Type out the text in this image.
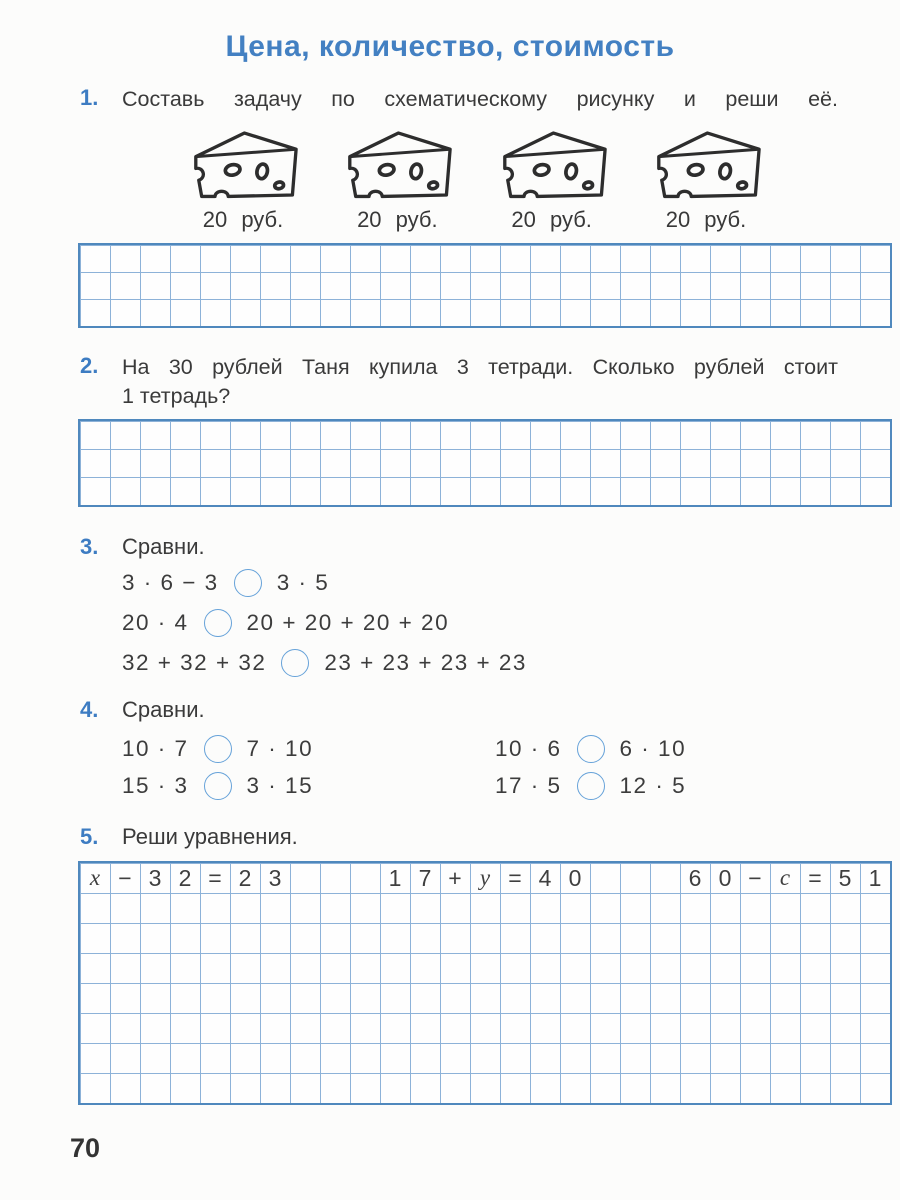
Цена, количество, стоимость
1.	Составь задачу по схематическому рисунку и реши её.
20 руб.	20 руб.	20 руб.	20 руб.
2.	На 30 рублей Таня купила 3 тетради. Сколько рублей стоит
1 тетрадь?
3.	Сравни.
3 · 6 − 3	3 · 5
20 · 4	20 + 20 + 20 + 20
32 + 32 + 32	23 + 23 + 23 + 23
4.	Сравни.
10 · 7	7 · 10
15 · 3	3 · 15
10 · 6	6 · 10
17 · 5	12 · 5
5.	Реши уравнения.
x − 3 2 = 2 3	1 7 + y = 4 0	6 0 − c = 5 1
70
